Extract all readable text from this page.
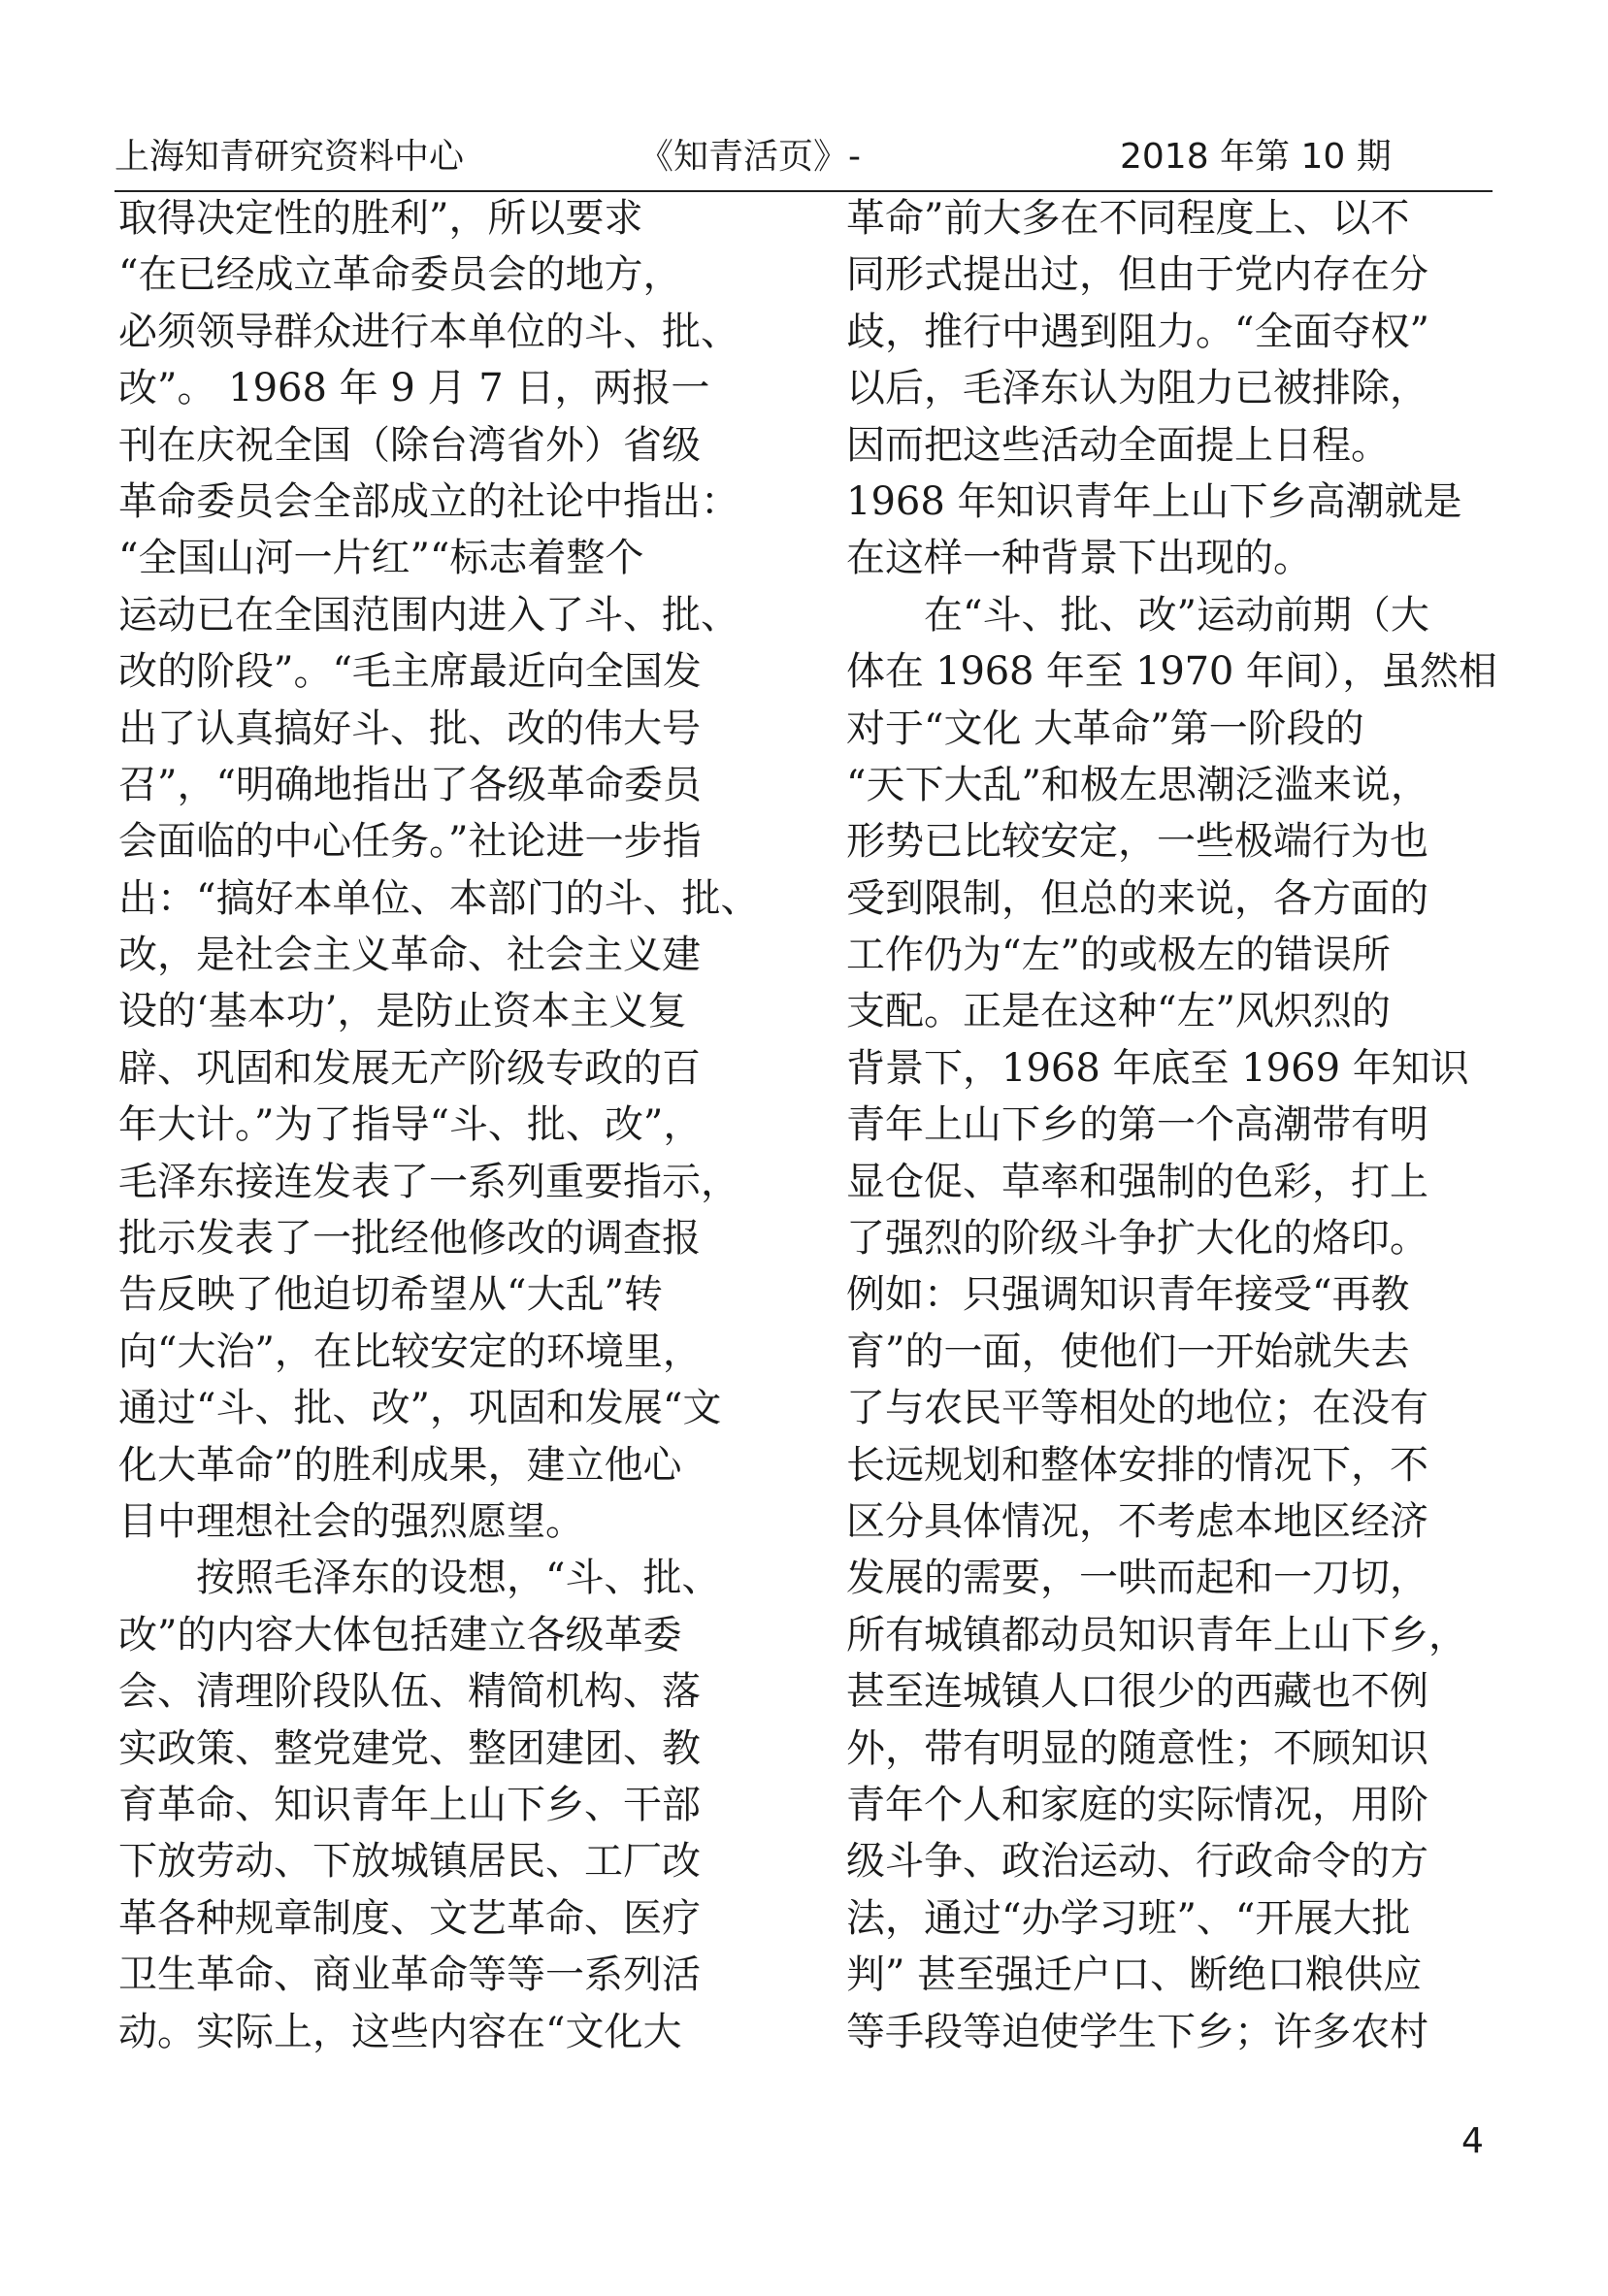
上海知青研究资料中心	《知青活页》-	2018 年第 10 期
取得决定性的胜利”，所以要求
“在已经成立革命委员会的地方，
必须领导群众进行本单位的斗、批、
改”。 1968 年 9 月 7 日，两报一
刊在庆祝全国（除台湾省外）省级
革命委员会全部成立的社论中指出：
“全国山河一片红”“标志着整个
运动已在全国范围内进入了斗、批、
改的阶段”。“毛主席最近向全国发
出了认真搞好斗、批、改的伟大号
召”，“明确地指出了各级革命委员
会面临的中心任务。”社论进一步指
出：“搞好本单位、本部门的斗、批、
改，是社会主义革命、社会主义建
设的‘基本功’，是防止资本主义复
辟、巩固和发展无产阶级专政的百
年大计。”为了指导“斗、批、改”，
毛泽东接连发表了一系列重要指示，
批示发表了一批经他修改的调查报
告反映了他迫切希望从“大乱”转
向“大治”，在比较安定的环境里，
通过“斗、批、改”，巩固和发展“文
化大革命”的胜利成果，建立他心
目中理想社会的强烈愿望。
　　按照毛泽东的设想，“斗、批、
改”的内容大体包括建立各级革委
会、清理阶段队伍、精简机构、落
实政策、整党建党、整团建团、教
育革命、知识青年上山下乡、干部
下放劳动、下放城镇居民、工厂改
革各种规章制度、文艺革命、医疗
卫生革命、商业革命等等一系列活
动。实际上，这些内容在“文化大
革命”前大多在不同程度上、以不
同形式提出过，但由于党内存在分
歧，推行中遇到阻力。“全面夺权”
以后，毛泽东认为阻力已被排除，
因而把这些活动全面提上日程。
1968 年知识青年上山下乡高潮就是
在这样一种背景下出现的。
　　在“斗、批、改”运动前期（大
体在 1968 年至 1970 年间），虽然相
对于“文化 大革命”第一阶段的
“天下大乱”和极左思潮泛滥来说，
形势已比较安定，一些极端行为也
受到限制，但总的来说，各方面的
工作仍为“左”的或极左的错误所
支配。正是在这种“左”风炽烈的
背景下，1968 年底至 1969 年知识
青年上山下乡的第一个高潮带有明
显仓促、草率和强制的色彩，打上
了强烈的阶级斗争扩大化的烙印。
例如：只强调知识青年接受“再教
育”的一面，使他们一开始就失去
了与农民平等相处的地位；在没有
长远规划和整体安排的情况下，不
区分具体情况，不考虑本地区经济
发展的需要，一哄而起和一刀切，
所有城镇都动员知识青年上山下乡，
甚至连城镇人口很少的西藏也不例
外，带有明显的随意性；不顾知识
青年个人和家庭的实际情况，用阶
级斗争、政治运动、行政命令的方
法，通过“办学习班”、“开展大批
判” 甚至强迁户口、断绝口粮供应
等手段等迫使学生下乡；许多农村
4
